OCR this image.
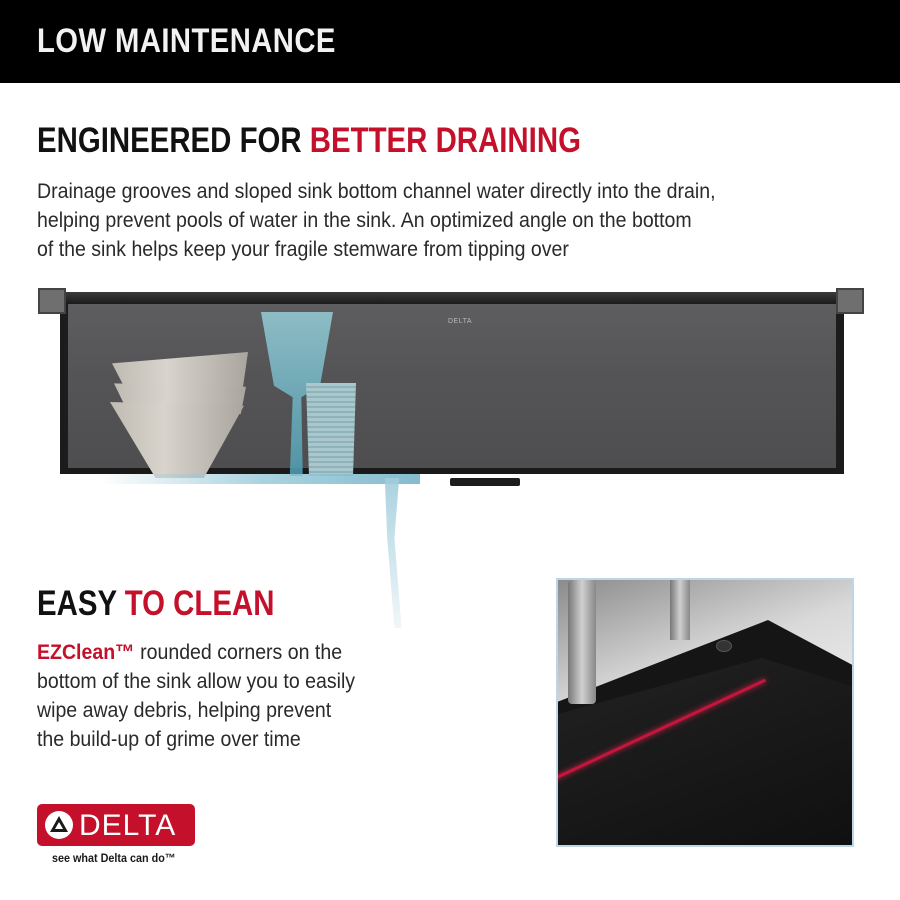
LOW MAINTENANCE
ENGINEERED FOR BETTER DRAINING
Drainage grooves and sloped sink bottom channel water directly into the drain,
helping prevent pools of water in the sink. An optimized angle on the bottom
of the sink helps keep your fragile stemware from tipping over
DELTA
EASY TO CLEAN
EZClean™ rounded corners on the
bottom of the sink allow you to easily
wipe away debris, helping prevent
the build-up of grime over time
DELTA
see what Delta can do™
